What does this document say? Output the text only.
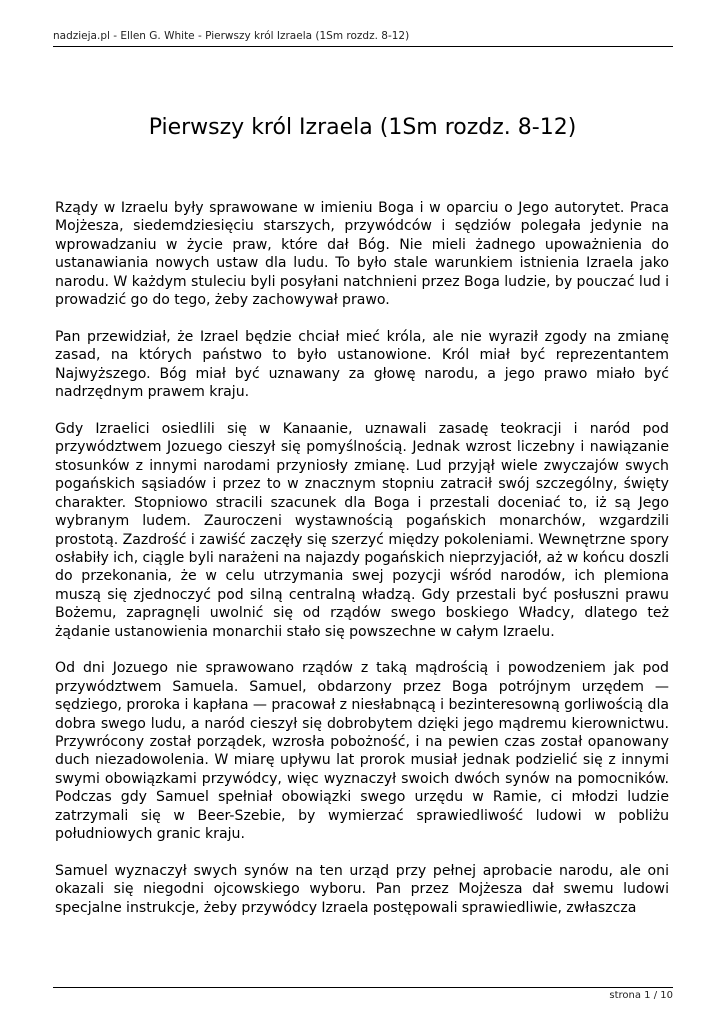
nadzieja.pl - Ellen G. White - Pierwszy król Izraela (1Sm rozdz. 8-12)
Pierwszy król Izraela (1Sm rozdz. 8-12)

Rządy w Izraelu były sprawowane w imieniu Boga i w oparciu o Jego autorytet. Praca Mojżesza, siedemdziesięciu starszych, przywódców i sędziów polegała jedynie na wprowadzaniu w życie praw, które dał Bóg. Nie mieli żadnego upoważnienia do ustanawiania nowych ustaw dla ludu. To było stale warunkiem istnienia Izraela jako narodu. W każdym stuleciu byli posyłani natchnieni przez Boga ludzie, by pouczać lud i prowadzić go do tego, żeby zachowywał prawo.

Pan przewidział, że Izrael będzie chciał mieć króla, ale nie wyraził zgody na zmianę zasad, na których państwo to było ustanowione. Król miał być reprezentantem Najwyższego. Bóg miał być uznawany za głowę narodu, a jego prawo miało być nadrzędnym prawem kraju.

Gdy Izraelici osiedlili się w Kanaanie, uznawali zasadę teokracji i naród pod przywództwem Jozuego cieszył się pomyślnością. Jednak wzrost liczebny i nawiązanie stosunków z innymi narodami przyniosły zmianę. Lud przyjął wiele zwyczajów swych pogańskich sąsiadów i przez to w znacznym stopniu zatracił swój szczególny, święty charakter. Stopniowo stracili szacunek dla Boga i przestali doceniać to, iż są Jego wybranym ludem. Zauroczeni wystawnością pogańskich monarchów, wzgardzili prostotą. Zazdrość i zawiść zaczęły się szerzyć między pokoleniami. Wewnętrzne spory osłabiły ich, ciągle byli narażeni na najazdy pogańskich nieprzyjaciół, aż w końcu doszli do przekonania, że w celu utrzymania swej pozycji wśród narodów, ich plemiona muszą się zjednoczyć pod silną centralną władzą. Gdy przestali być posłuszni prawu Bożemu, zapragnęli uwolnić się od rządów swego boskiego Władcy, dlatego też żądanie ustanowienia monarchii stało się powszechne w całym Izraelu.

Od dni Jozuego nie sprawowano rządów z taką mądrością i powodzeniem jak pod przywództwem Samuela. Samuel, obdarzony przez Boga potrójnym urzędem — sędziego, proroka i kapłana — pracował z niesłabnącą i bezinteresowną gorliwością dla dobra swego ludu, a naród cieszył się dobrobytem dzięki jego mądremu kierownictwu. Przywrócony został porządek, wzrosła pobożność, i na pewien czas został opanowany duch niezadowolenia. W miarę upływu lat prorok musiał jednak podzielić się z innymi swymi obowiązkami przywódcy, więc wyznaczył swoich dwóch synów na pomocników. Podczas gdy Samuel spełniał obowiązki swego urzędu w Ramie, ci młodzi ludzie zatrzymali się w Beer-Szebie, by wymierzać sprawiedliwość ludowi w pobliżu południowych granic kraju.

Samuel wyznaczył swych synów na ten urząd przy pełnej aprobacie narodu, ale oni okazali się niegodni ojcowskiego wyboru. Pan przez Mojżesza dał swemu ludowi specjalne instrukcje, żeby przywódcy Izraela postępowali sprawiedliwie, zwłaszcza

strona 1 / 10
